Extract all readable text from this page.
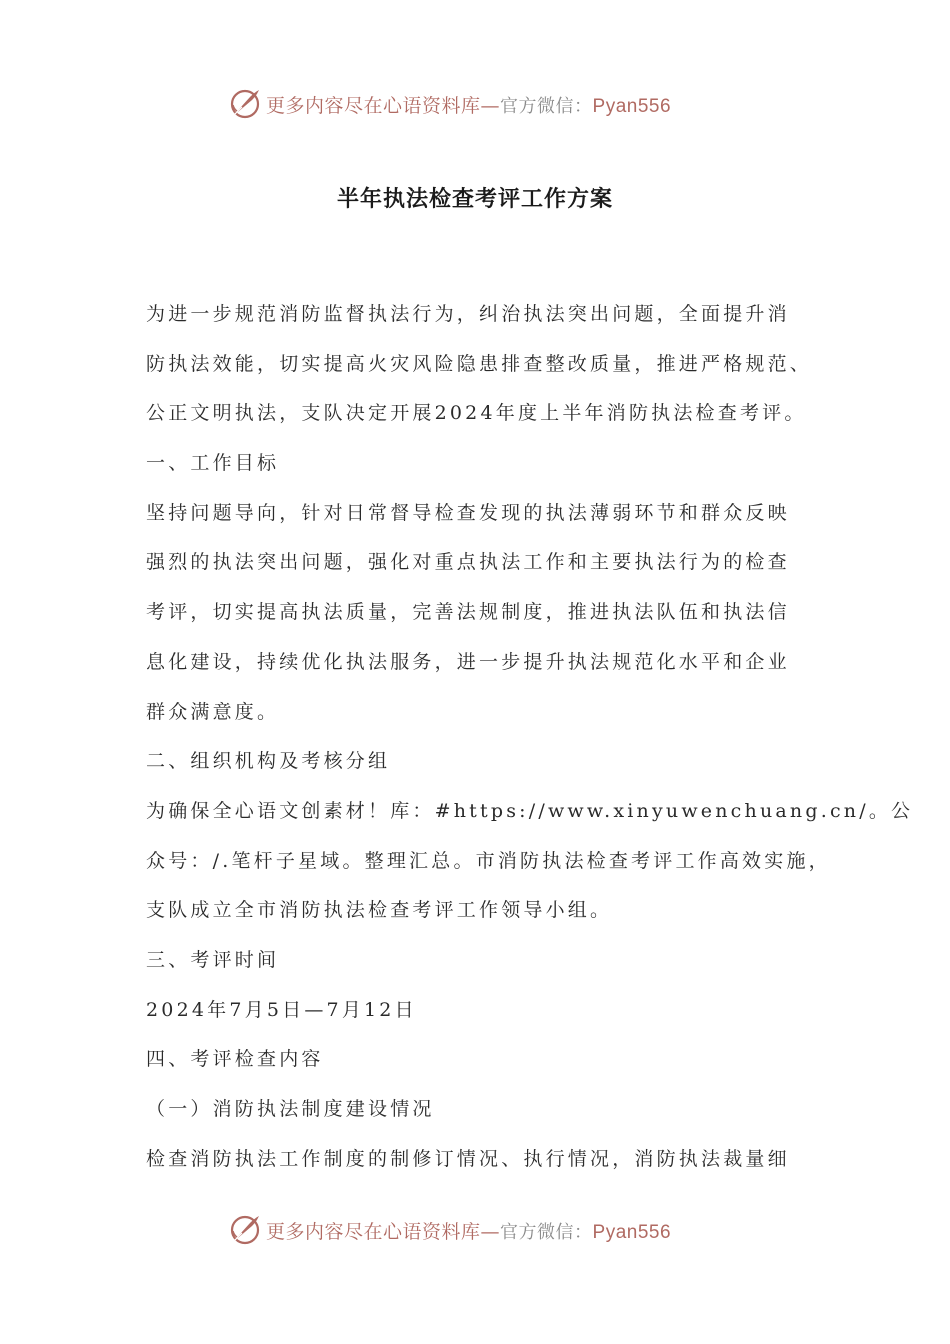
更多内容尽在心语资料库—官方微信：Pyan556
半年执法检查考评工作方案
为进一步规范消防监督执法行为，纠治执法突出问题，全面提升消
防执法效能，切实提高火灾风险隐患排查整改质量，推进严格规范、
公正文明执法，支队决定开展2024年度上半年消防执法检查考评。
一、工作目标
坚持问题导向，针对日常督导检查发现的执法薄弱环节和群众反映
强烈的执法突出问题，强化对重点执法工作和主要执法行为的检查
考评，切实提高执法质量，完善法规制度，推进执法队伍和执法信
息化建设，持续优化执法服务，进一步提升执法规范化水平和企业
群众满意度。
二、组织机构及考核分组
为确保全心语文创素材！库：#https://www.xinyuwenchuang.cn/。公
众号：/.笔杆子星域。整理汇总。市消防执法检查考评工作高效实施，
支队成立全市消防执法检查考评工作领导小组。
三、考评时间
2024年7月5日—7月12日
四、考评检查内容
（一）消防执法制度建设情况
检查消防执法工作制度的制修订情况、执行情况，消防执法裁量细
更多内容尽在心语资料库—官方微信：Pyan556
